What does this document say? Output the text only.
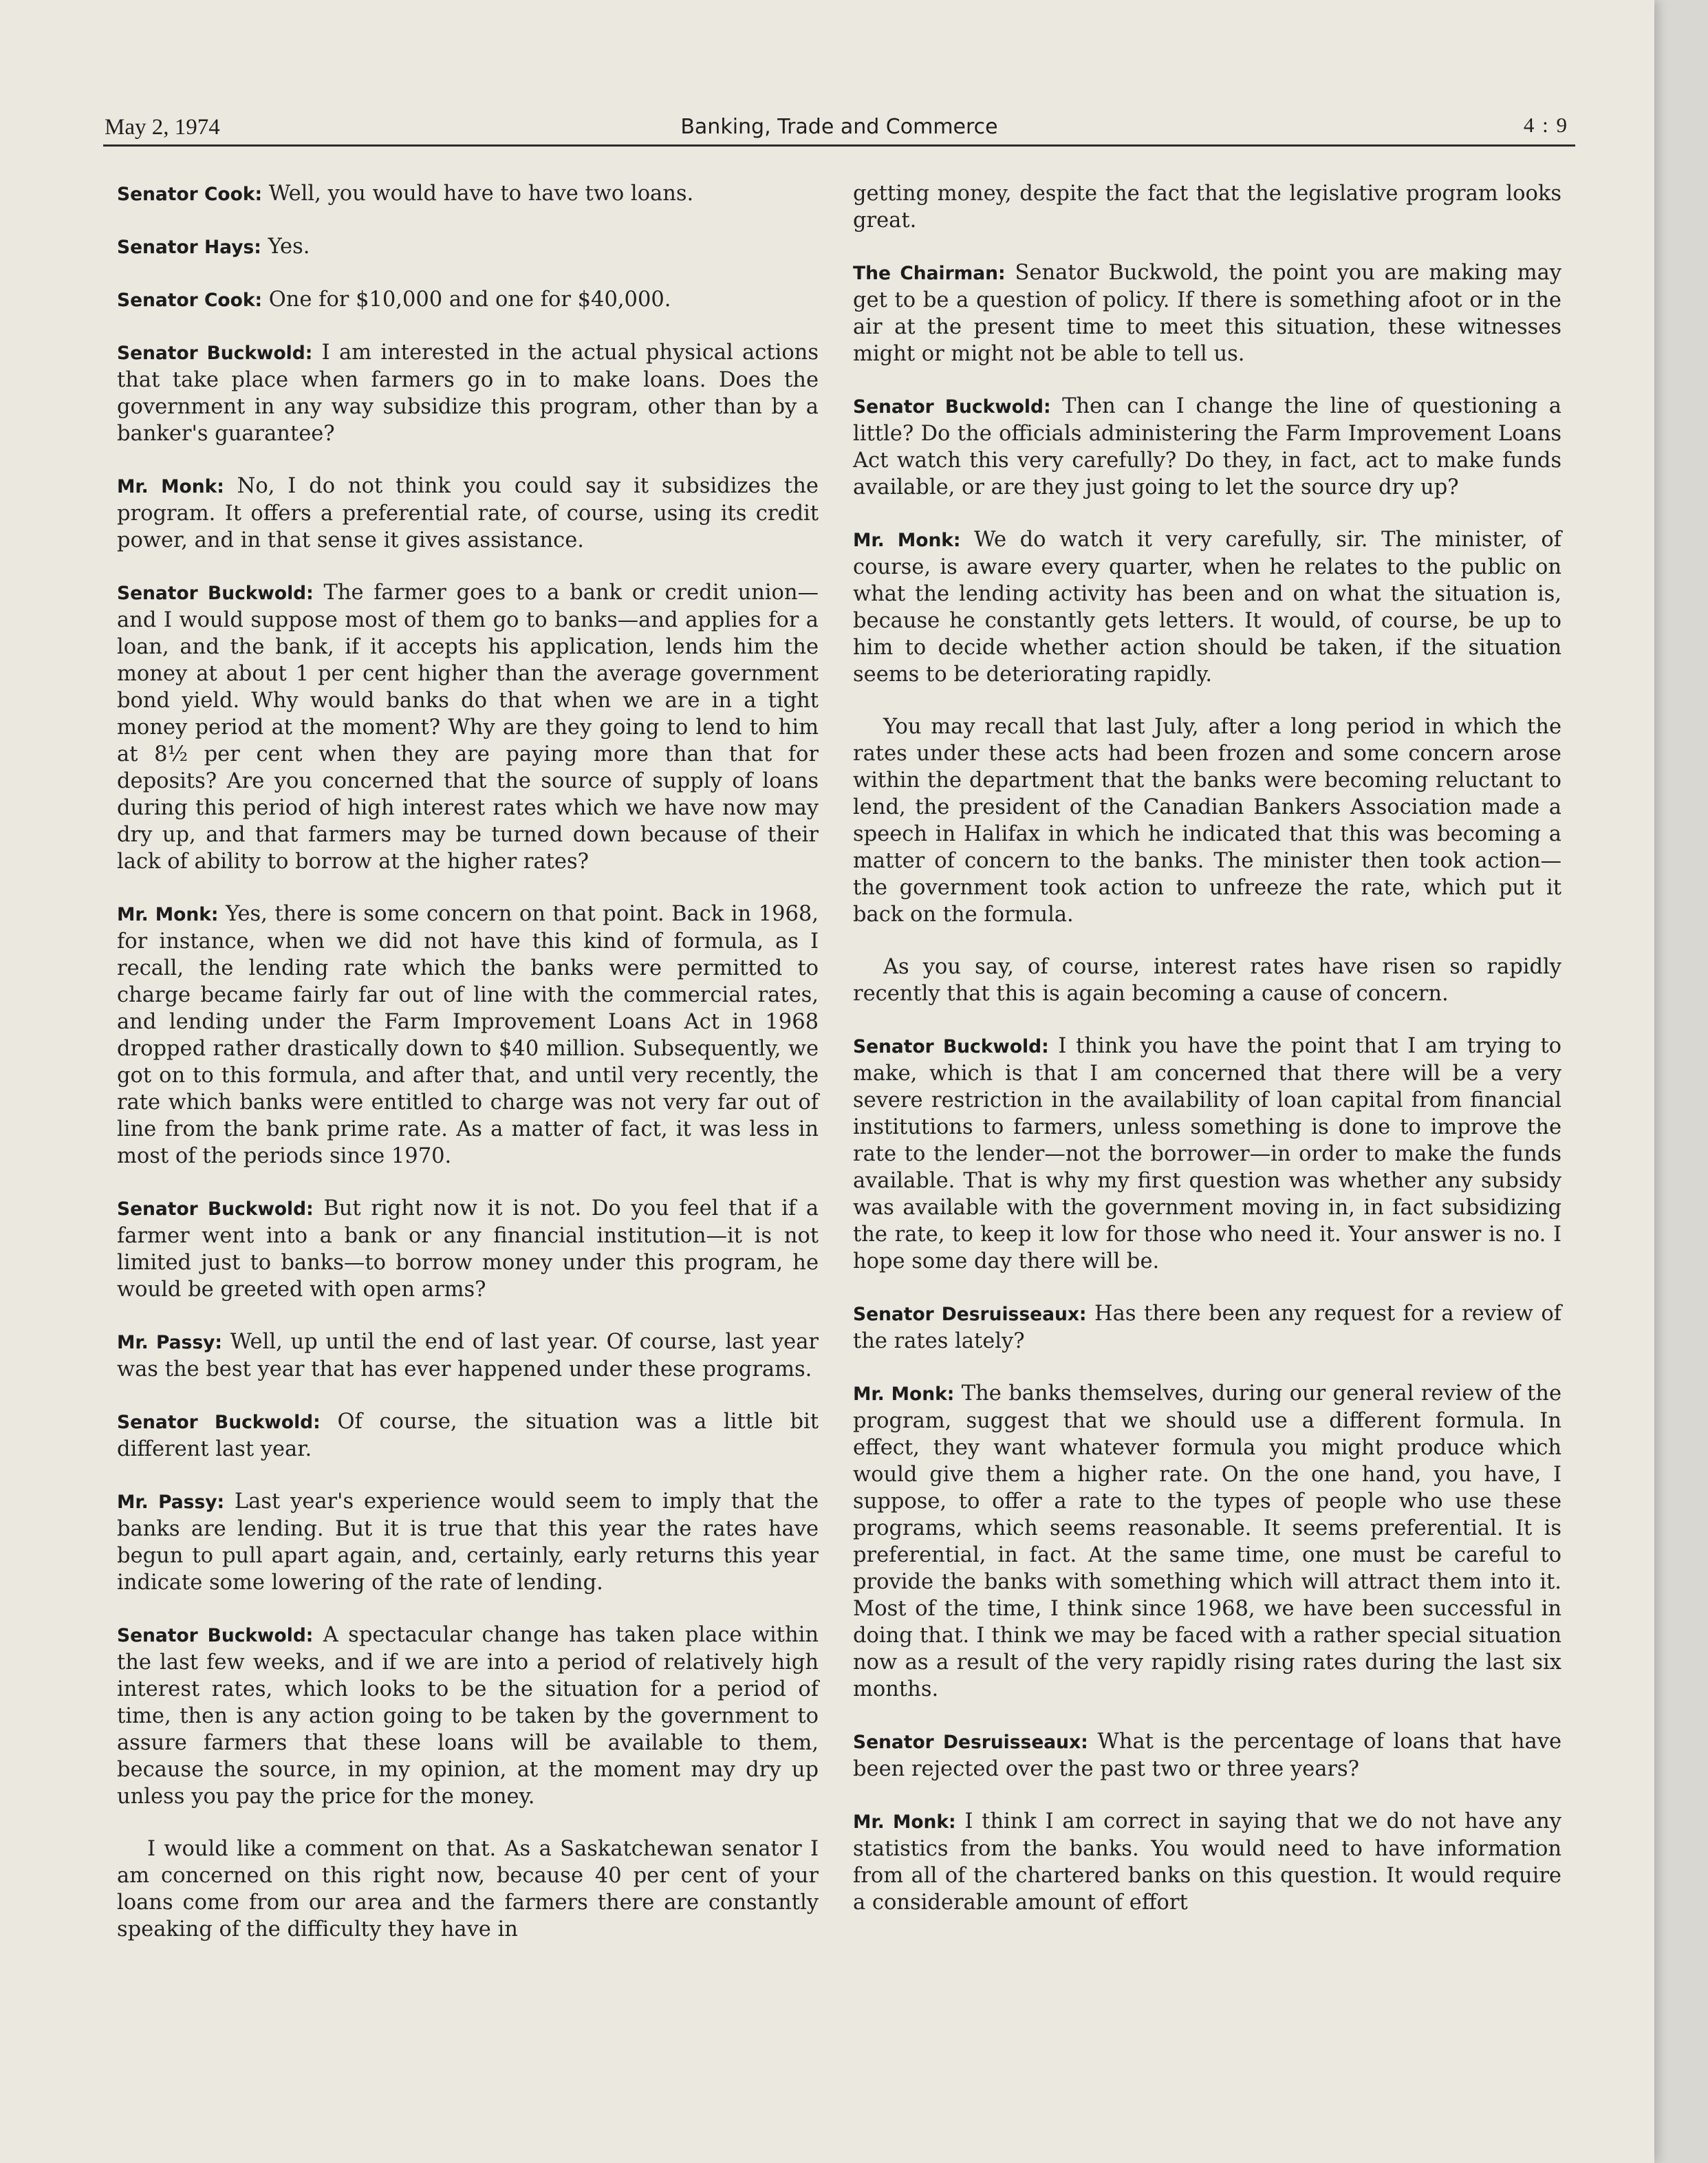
May 2, 1974	Banking, Trade and Commerce	4 : 9

Senator Cook: Well, you would have to have two loans.

Senator Hays: Yes.

Senator Cook: One for $10,000 and one for $40,000.

Senator Buckwold: I am interested in the actual physical actions that take place when farmers go in to make loans. Does the government in any way subsidize this program, other than by a banker's guarantee?

Mr. Monk: No, I do not think you could say it subsidizes the program. It offers a preferential rate, of course, using its credit power, and in that sense it gives assistance.

Senator Buckwold: The farmer goes to a bank or credit union—and I would suppose most of them go to banks—and applies for a loan, and the bank, if it accepts his application, lends him the money at about 1 per cent higher than the average government bond yield. Why would banks do that when we are in a tight money period at the moment? Why are they going to lend to him at 8½ per cent when they are paying more than that for deposits? Are you concerned that the source of supply of loans during this period of high interest rates which we have now may dry up, and that farmers may be turned down because of their lack of ability to borrow at the higher rates?

Mr. Monk: Yes, there is some concern on that point. Back in 1968, for instance, when we did not have this kind of formula, as I recall, the lending rate which the banks were permitted to charge became fairly far out of line with the commercial rates, and lending under the Farm Improvement Loans Act in 1968 dropped rather drastically down to $40 million. Subsequently, we got on to this formula, and after that, and until very recently, the rate which banks were entitled to charge was not very far out of line from the bank prime rate. As a matter of fact, it was less in most of the periods since 1970.

Senator Buckwold: But right now it is not. Do you feel that if a farmer went into a bank or any financial institution—it is not limited just to banks—to borrow money under this program, he would be greeted with open arms?

Mr. Passy: Well, up until the end of last year. Of course, last year was the best year that has ever happened under these programs.

Senator Buckwold: Of course, the situation was a little bit different last year.

Mr. Passy: Last year's experience would seem to imply that the banks are lending. But it is true that this year the rates have begun to pull apart again, and, certainly, early returns this year indicate some lowering of the rate of lending.

Senator Buckwold: A spectacular change has taken place within the last few weeks, and if we are into a period of relatively high interest rates, which looks to be the situation for a period of time, then is any action going to be taken by the government to assure farmers that these loans will be available to them, because the source, in my opinion, at the moment may dry up unless you pay the price for the money.

I would like a comment on that. As a Saskatchewan senator I am concerned on this right now, because 40 per cent of your loans come from our area and the farmers there are constantly speaking of the difficulty they have in

getting money, despite the fact that the legislative program looks great.

The Chairman: Senator Buckwold, the point you are making may get to be a question of policy. If there is something afoot or in the air at the present time to meet this situation, these witnesses might or might not be able to tell us.

Senator Buckwold: Then can I change the line of questioning a little? Do the officials administering the Farm Improvement Loans Act watch this very carefully? Do they, in fact, act to make funds available, or are they just going to let the source dry up?

Mr. Monk: We do watch it very carefully, sir. The minister, of course, is aware every quarter, when he relates to the public on what the lending activity has been and on what the situation is, because he constantly gets letters. It would, of course, be up to him to decide whether action should be taken, if the situation seems to be deteriorating rapidly.

You may recall that last July, after a long period in which the rates under these acts had been frozen and some concern arose within the department that the banks were becoming reluctant to lend, the president of the Canadian Bankers Association made a speech in Halifax in which he indicated that this was becoming a matter of concern to the banks. The minister then took action—the government took action to unfreeze the rate, which put it back on the formula.

As you say, of course, interest rates have risen so rapidly recently that this is again becoming a cause of concern.

Senator Buckwold: I think you have the point that I am trying to make, which is that I am concerned that there will be a very severe restriction in the availability of loan capital from financial institutions to farmers, unless something is done to improve the rate to the lender—not the borrower—in order to make the funds available. That is why my first question was whether any subsidy was available with the government moving in, in fact subsidizing the rate, to keep it low for those who need it. Your answer is no. I hope some day there will be.

Senator Desruisseaux: Has there been any request for a review of the rates lately?

Mr. Monk: The banks themselves, during our general review of the program, suggest that we should use a different formula. In effect, they want whatever formula you might produce which would give them a higher rate. On the one hand, you have, I suppose, to offer a rate to the types of people who use these programs, which seems reasonable. It seems preferential. It is preferential, in fact. At the same time, one must be careful to provide the banks with something which will attract them into it. Most of the time, I think since 1968, we have been successful in doing that. I think we may be faced with a rather special situation now as a result of the very rapidly rising rates during the last six months.

Senator Desruisseaux: What is the percentage of loans that have been rejected over the past two or three years?

Mr. Monk: I think I am correct in saying that we do not have any statistics from the banks. You would need to have information from all of the chartered banks on this question. It would require a considerable amount of effort
